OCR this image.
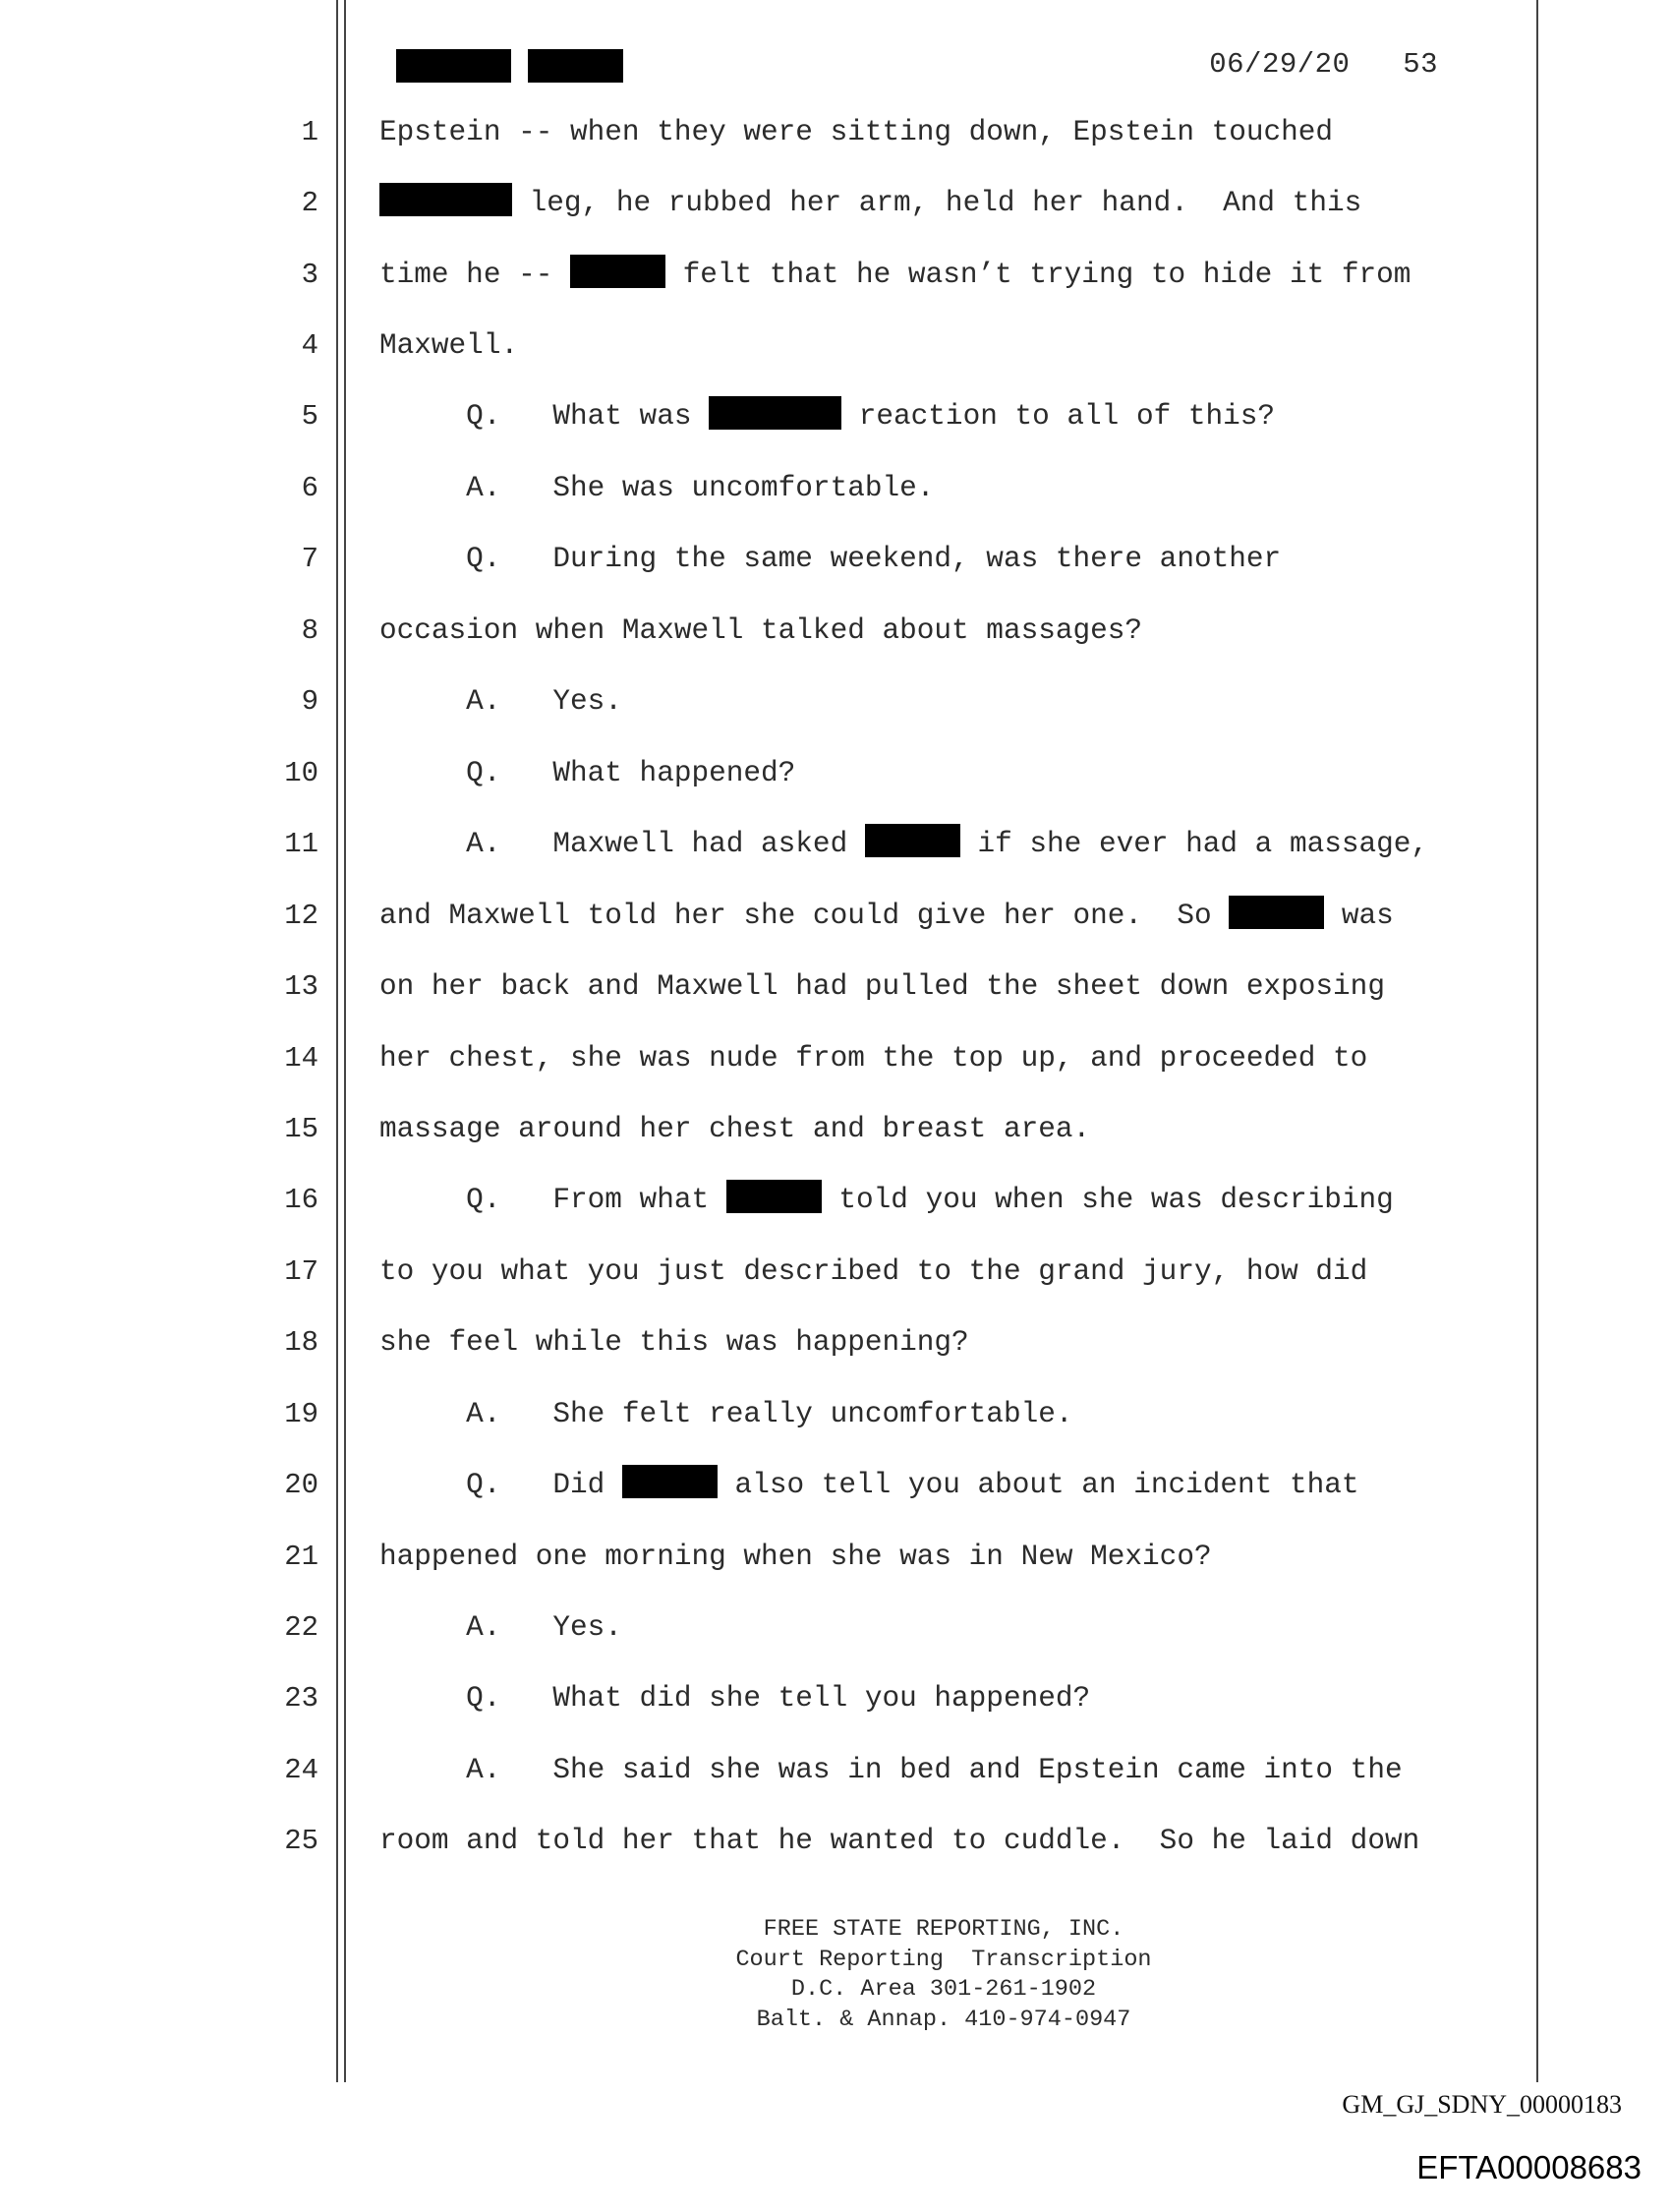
06/29/20 53
1 Epstein -- when they were sitting down, Epstein touched
2	leg, he rubbed her arm, held her hand.  And this
3 time he --	felt that he wasn’t trying to hide it from
4 Maxwell.
5 Q.   What was	reaction to all of this?
6 A.   She was uncomfortable.
7 Q.   During the same weekend, was there another
8 occasion when Maxwell talked about massages?
9 A.   Yes.
10 Q.   What happened?
11 A.   Maxwell had asked	if she ever had a massage,
12 and Maxwell told her she could give her one.  So	was
13 on her back and Maxwell had pulled the sheet down exposing
14 her chest, she was nude from the top up, and proceeded to
15 massage around her chest and breast area.
16 Q.   From what	told you when she was describing
17 to you what you just described to the grand jury, how did
18 she feel while this was happening?
19 A.   She felt really uncomfortable.
20 Q.   Did	also tell you about an incident that
21 happened one morning when she was in New Mexico?
22 A.   Yes.
23 Q.   What did she tell you happened?
24 A.   She said she was in bed and Epstein came into the
25 room and told her that he wanted to cuddle.  So he laid down
FREE STATE REPORTING, INC.
Court Reporting  Transcription
D.C. Area 301-261-1902
Balt. & Annap. 410-974-0947
GM_GJ_SDNY_00000183
EFTA00008683
